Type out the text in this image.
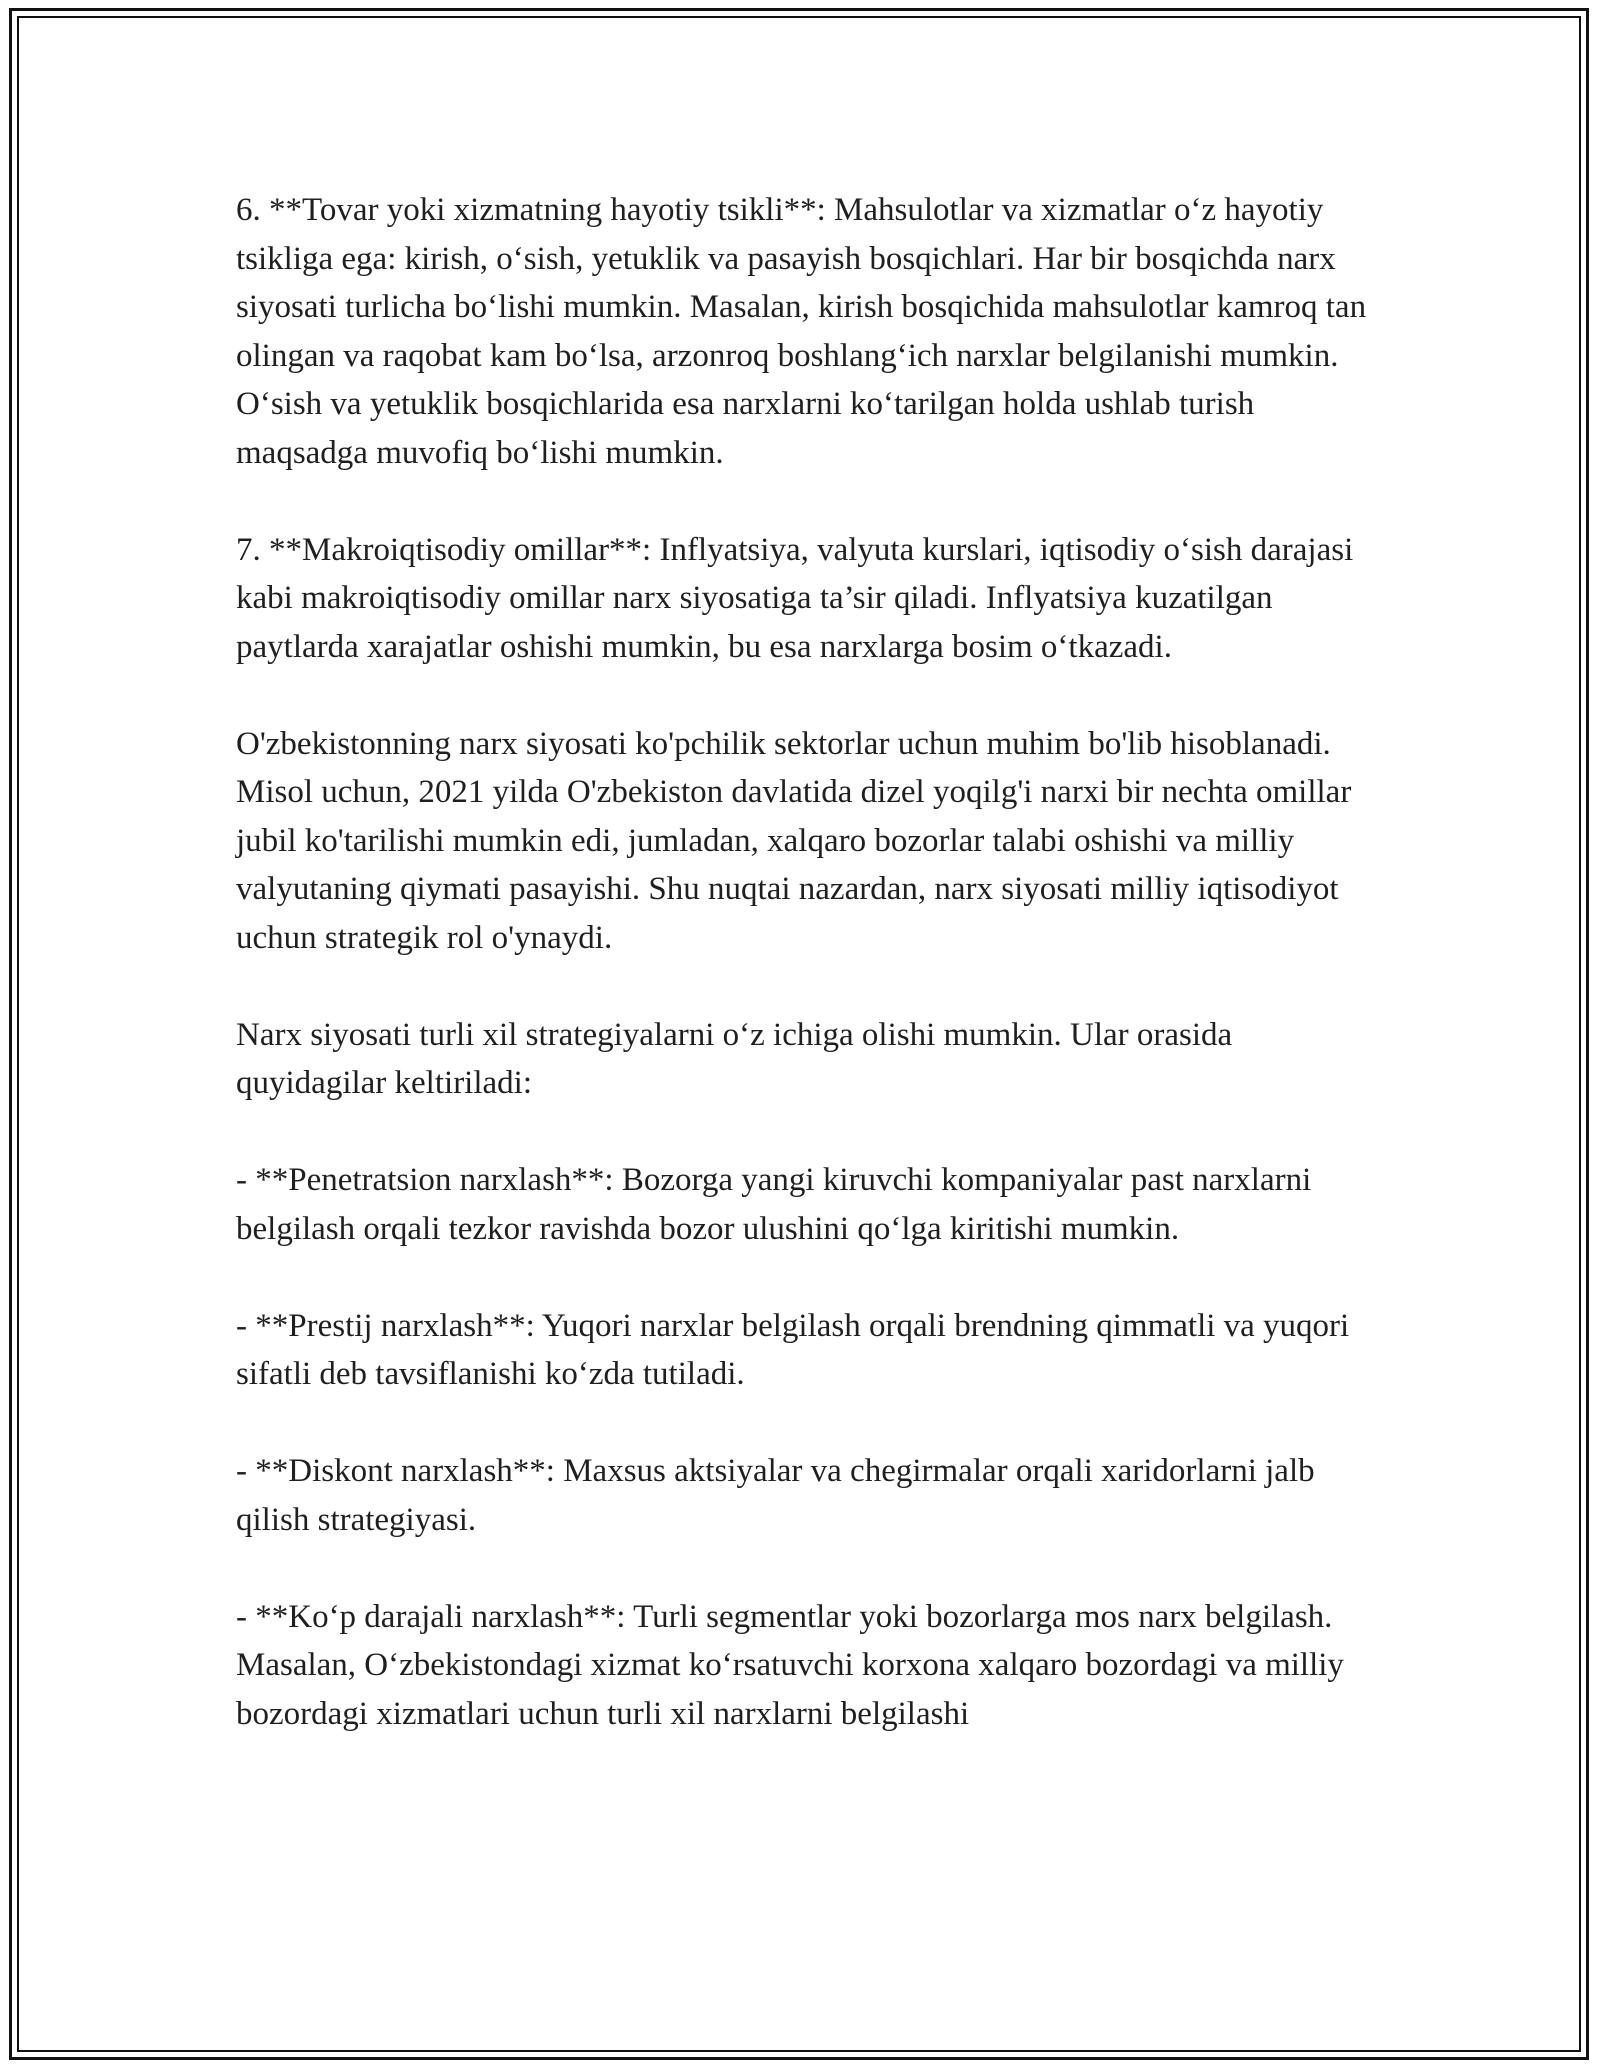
6. **Tovar yoki xizmatning hayotiy tsikli**: Mahsulotlar va xizmatlar o‘z hayotiy tsikliga ega: kirish, o‘sish, yetuklik va pasayish bosqichlari. Har bir bosqichda narx siyosati turlicha bo‘lishi mumkin. Masalan, kirish bosqichida mahsulotlar kamroq tan olingan va raqobat kam bo‘lsa, arzonroq boshlang‘ich narxlar belgilanishi mumkin. O‘sish va yetuklik bosqichlarida esa narxlarni ko‘tarilgan holda ushlab turish maqsadga muvofiq bo‘lishi mumkin.

7. **Makroiqtisodiy omillar**: Inflyatsiya, valyuta kurslari, iqtisodiy o‘sish darajasi kabi makroiqtisodiy omillar narx siyosatiga ta’sir qiladi. Inflyatsiya kuzatilgan paytlarda xarajatlar oshishi mumkin, bu esa narxlarga bosim o‘tkazadi.

O'zbekistonning narx siyosati ko'pchilik sektorlar uchun muhim bo'lib hisoblanadi. Misol uchun, 2021 yilda O'zbekiston davlatida dizel yoqilg'i narxi bir nechta omillar jubil ko'tarilishi mumkin edi, jumladan, xalqaro bozorlar talabi oshishi va milliy valyutaning qiymati pasayishi. Shu nuqtai nazardan, narx siyosati milliy iqtisodiyot uchun strategik rol o'ynaydi.

Narx siyosati turli xil strategiyalarni o‘z ichiga olishi mumkin. Ular orasida quyidagilar keltiriladi:

- **Penetratsion narxlash**: Bozorga yangi kiruvchi kompaniyalar past narxlarni belgilash orqali tezkor ravishda bozor ulushini qo‘lga kiritishi mumkin.

- **Prestij narxlash**: Yuqori narxlar belgilash orqali brendning qimmatli va yuqori sifatli deb tavsiflanishi ko‘zda tutiladi.

- **Diskont narxlash**: Maxsus aktsiyalar va chegirmalar orqali xaridorlarni jalb qilish strategiyasi.

- **Ko‘p darajali narxlash**: Turli segmentlar yoki bozorlarga mos narx belgilash. Masalan, O‘zbekistondagi xizmat ko‘rsatuvchi korxona xalqaro bozordagi va milliy bozordagi xizmatlari uchun turli xil narxlarni belgilashi
